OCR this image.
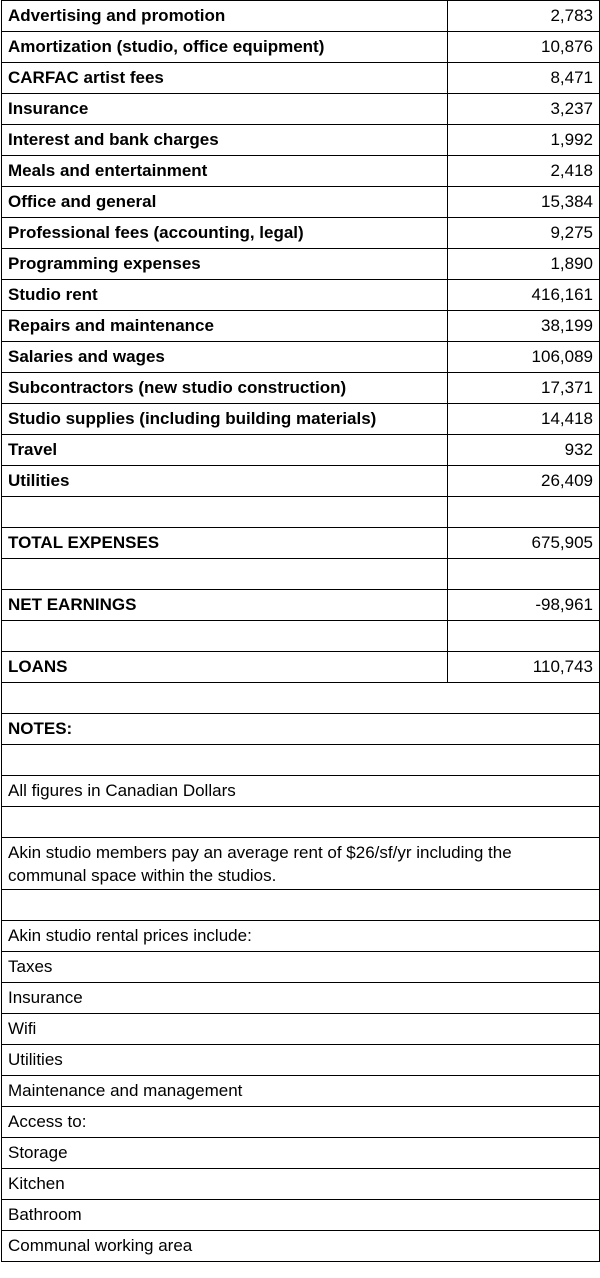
Advertising and promotion	2,783
Amortization (studio, office equipment)	10,876
CARFAC artist fees	8,471
Insurance	3,237
Interest and bank charges	1,992
Meals and entertainment	2,418
Office and general	15,384
Professional fees (accounting, legal)	9,275
Programming expenses	1,890
Studio rent	416,161
Repairs and maintenance	38,199
Salaries and wages	106,089
Subcontractors (new studio construction)	17,371
Studio supplies (including building materials)	14,418
Travel	932
Utilities	26,409

TOTAL EXPENSES	675,905

NET EARNINGS	-98,961

LOANS	110,743

NOTES:	

All figures in Canadian Dollars	

Akin studio members pay an average rent of $26/sf/yr including the communal space within the studios.	

Akin studio rental prices include:	
Taxes	
Insurance	
Wifi	
Utilities	
Maintenance and management	
Access to:	
Storage	
Kitchen	
Bathroom	
Communal working area	
